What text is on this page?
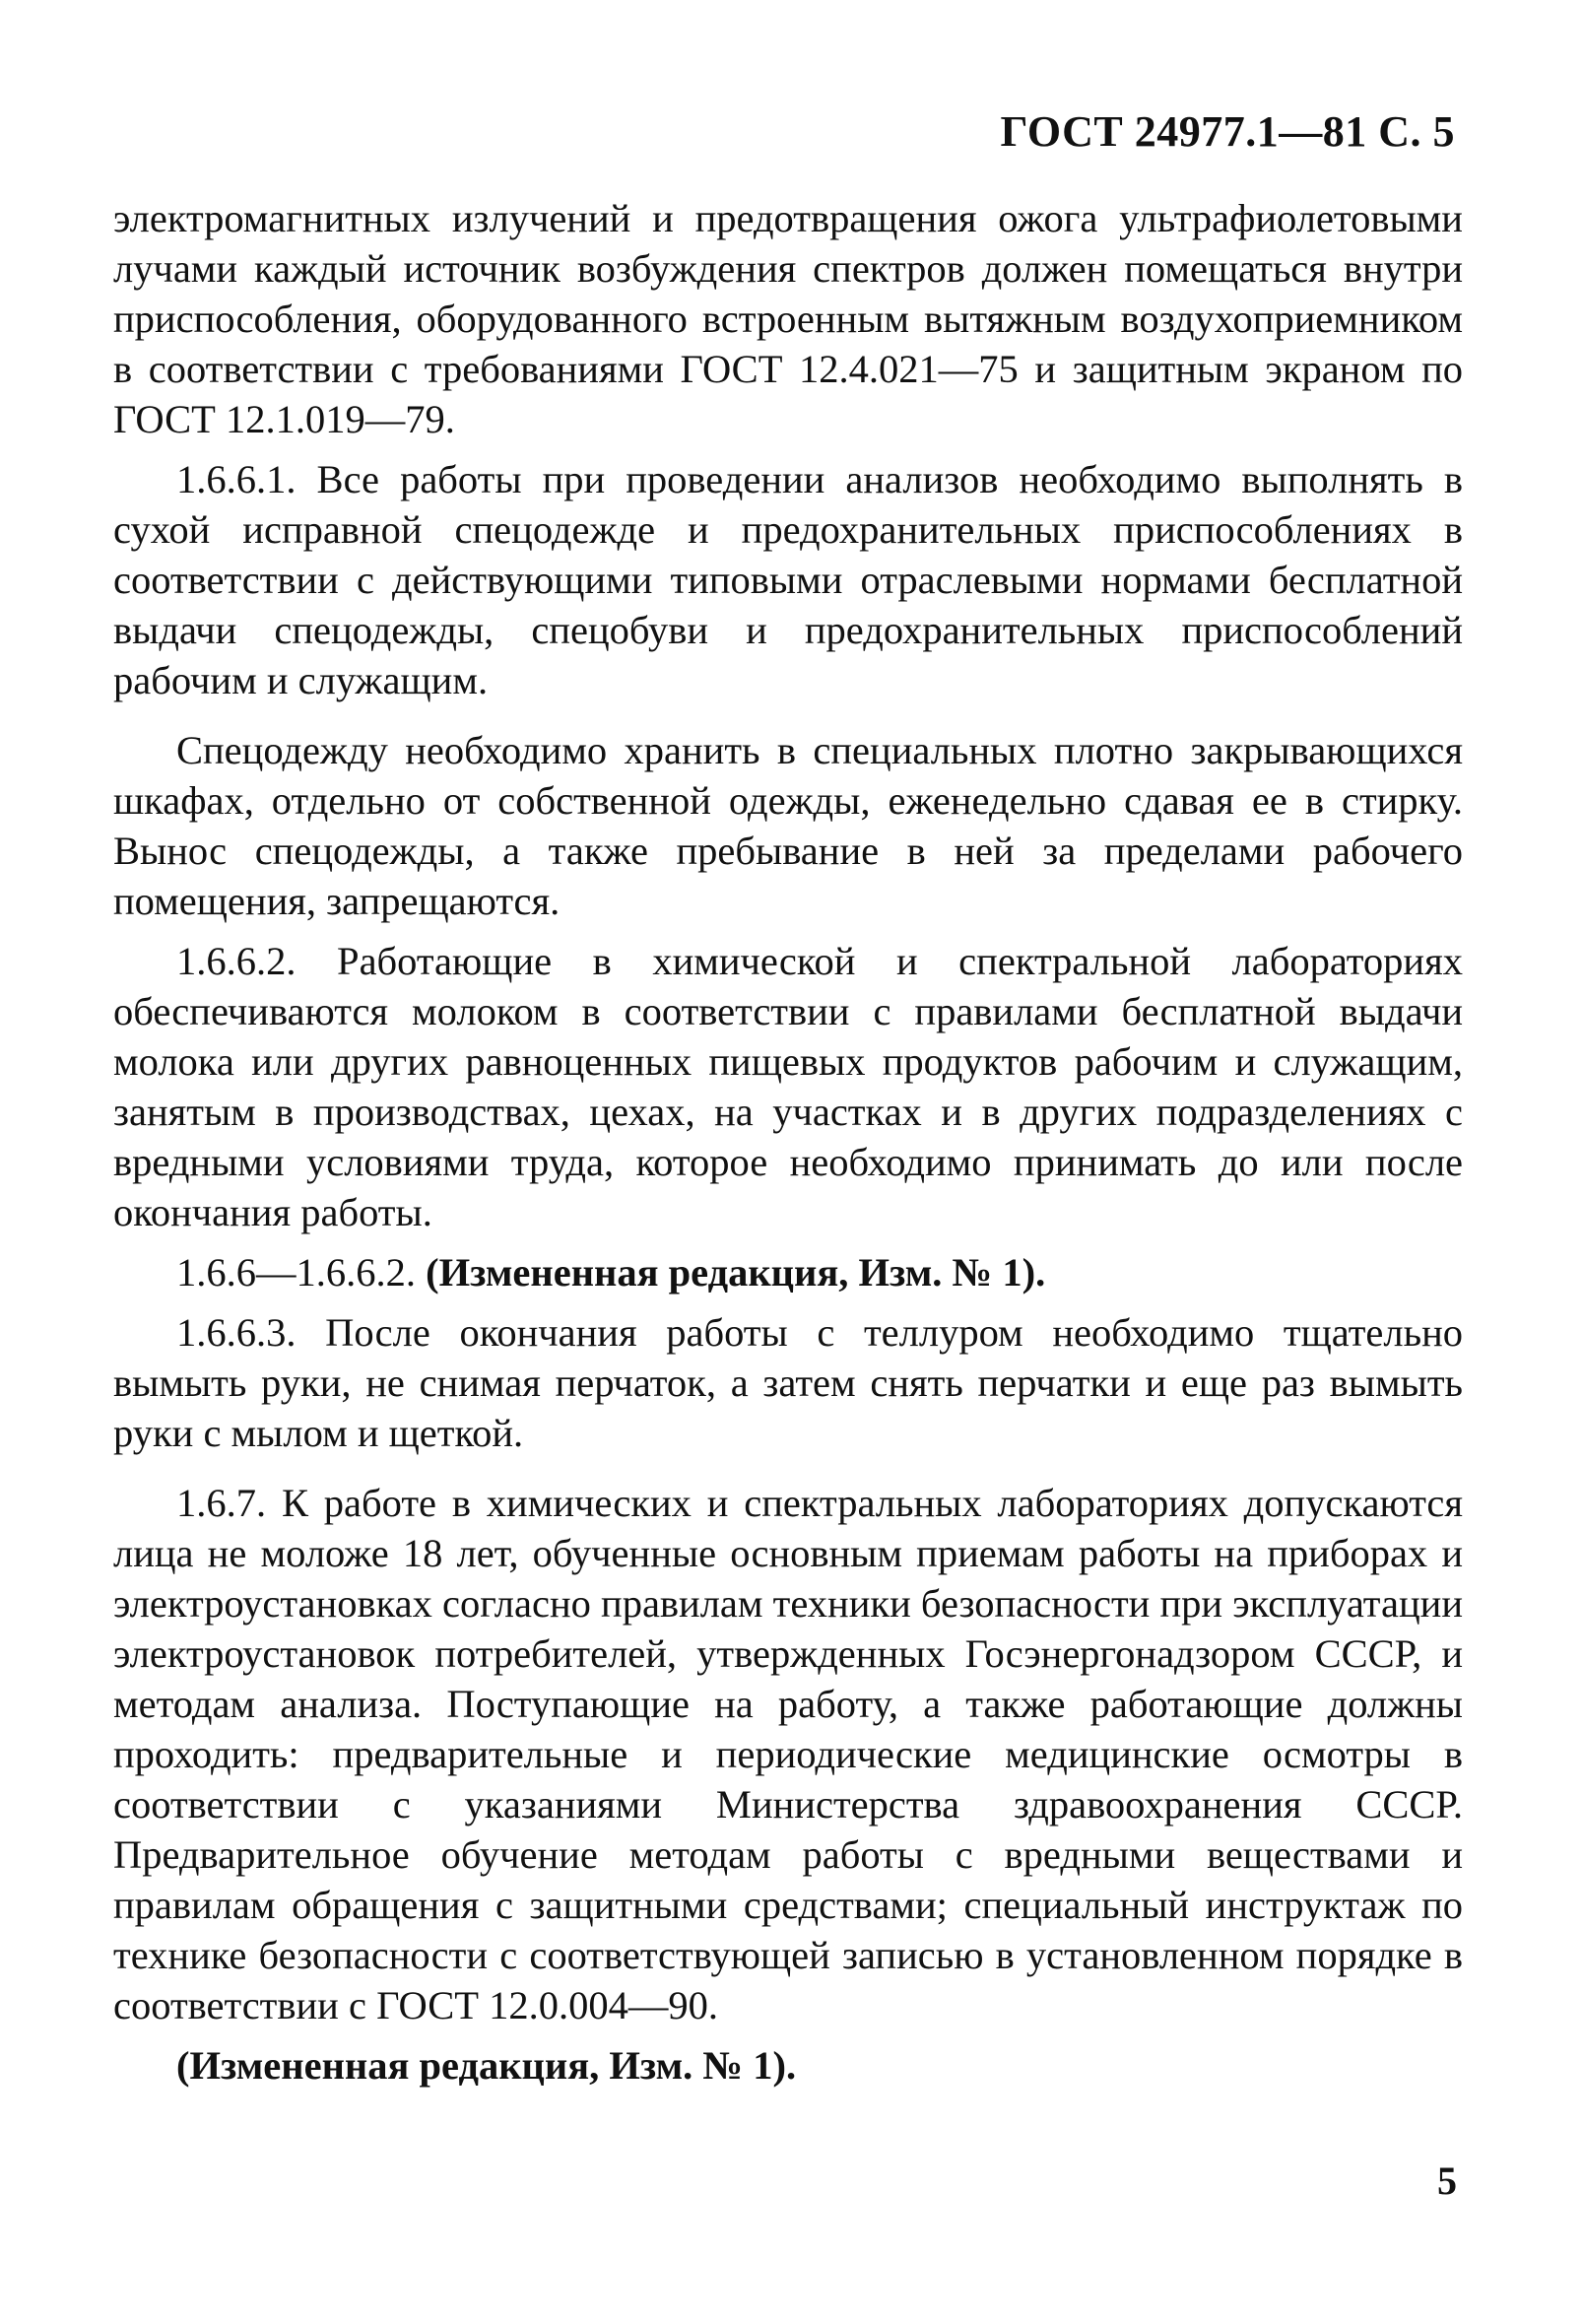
ГОСТ 24977.1—81 С. 5

электромагнитных излучений и предотвращения ожога ультрафиолетовыми лучами каждый источник возбуждения спектров должен помещаться внутри приспособления, оборудованного встроенным вытяжным воздухоприемником в соответствии с требованиями ГОСТ 12.4.021—75 и защитным экраном по ГОСТ 12.1.019—79.

1.6.6.1. Все работы при проведении анализов необходимо выполнять в сухой исправной спецодежде и предохранительных приспособлениях в соответствии с действующими типовыми отраслевыми нормами бесплатной выдачи спецодежды, спецобуви и предохранительных приспособлений рабочим и служащим.

Спецодежду необходимо хранить в специальных плотно закрывающихся шкафах, отдельно от собственной одежды, еженедельно сдавая ее в стирку. Вынос спецодежды, а также пребывание в ней за пределами рабочего помещения, запрещаются.

1.6.6.2. Работающие в химической и спектральной лабораториях обеспечиваются молоком в соответствии с правилами бесплатной выдачи молока или других равноценных пищевых продуктов рабочим и служащим, занятым в производствах, цехах, на участках и в других подразделениях с вредными условиями труда, которое необходимо принимать до или после окончания работы.

1.6.6—1.6.6.2. (Измененная редакция, Изм. № 1).

1.6.6.3. После окончания работы с теллуром необходимо тщательно вымыть руки, не снимая перчаток, а затем снять перчатки и еще раз вымыть руки с мылом и щеткой.

1.6.7. К работе в химических и спектральных лабораториях допускаются лица не моложе 18 лет, обученные основным приемам работы на приборах и электроустановках согласно правилам техники безопасности при эксплуатации электроустановок потребителей, утвержденных Госэнергонадзором СССР, и методам анализа. Поступающие на работу, а также работающие должны проходить: предварительные и периодические медицинские осмотры в соответствии с указаниями Министерства здравоохранения СССР. Предварительное обучение методам работы с вредными веществами и правилам обращения с защитными средствами; специальный инструктаж по технике безопасности с соответствующей записью в установленном порядке в соответствии с ГОСТ 12.0.004—90.

(Измененная редакция, Изм. № 1).

5
